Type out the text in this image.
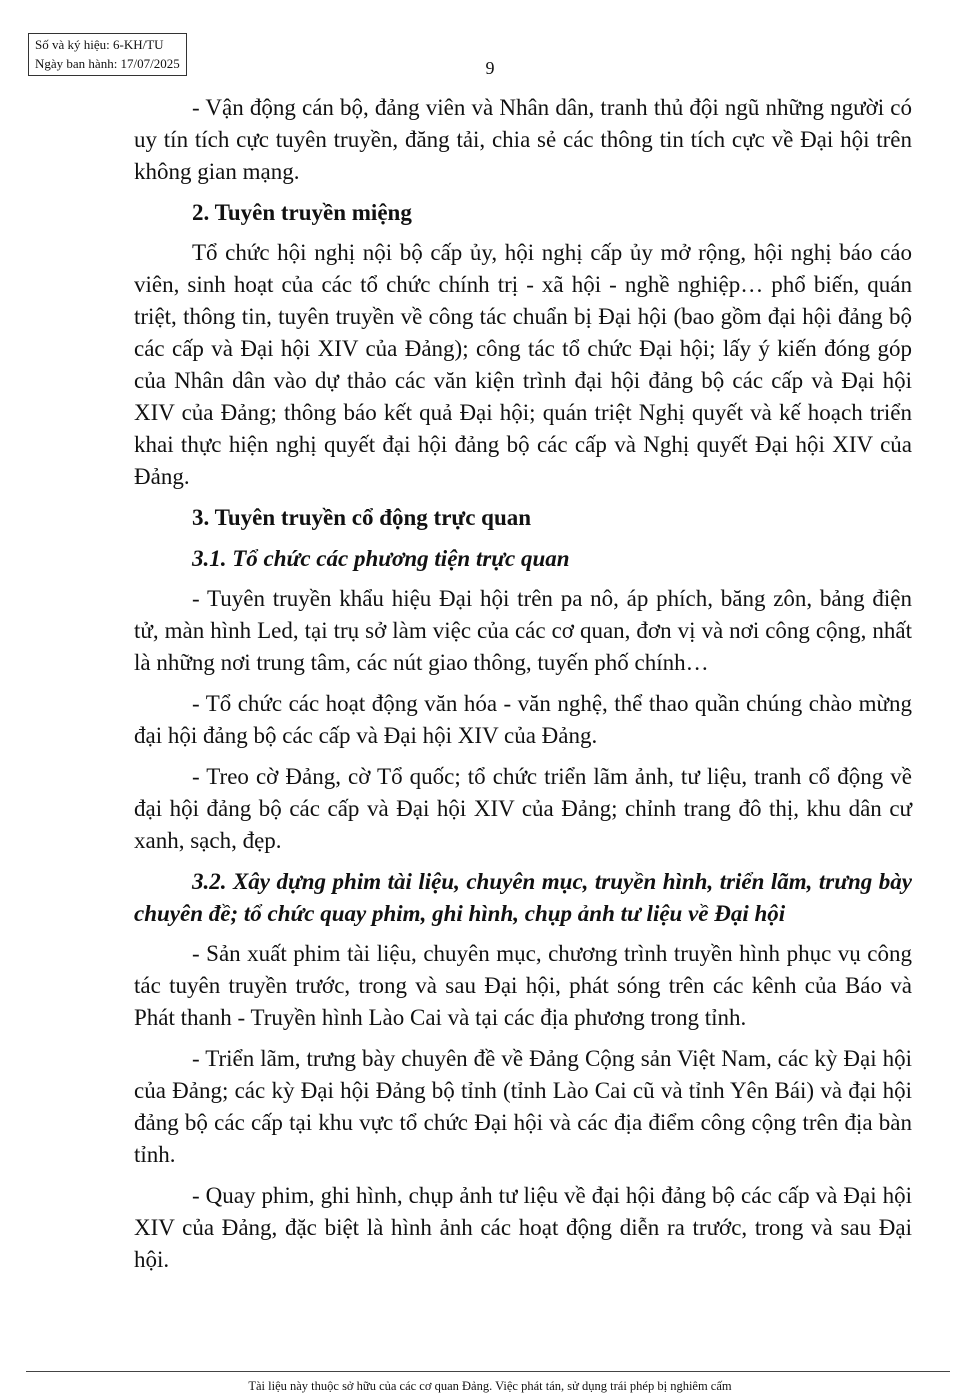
Số và ký hiệu: 6-KH/TU
Ngày ban hành: 17/07/2025	9

- Vận động cán bộ, đảng viên và Nhân dân, tranh thủ đội ngũ những người có uy tín tích cực tuyên truyền, đăng tải, chia sẻ các thông tin tích cực về Đại hội trên không gian mạng.

2. Tuyên truyền miệng

Tổ chức hội nghị nội bộ cấp ủy, hội nghị cấp ủy mở rộng, hội nghị báo cáo viên, sinh hoạt của các tổ chức chính trị - xã hội - nghề nghiệp… phổ biến, quán triệt, thông tin, tuyên truyền về công tác chuẩn bị Đại hội (bao gồm đại hội đảng bộ các cấp và Đại hội XIV của Đảng); công tác tổ chức Đại hội; lấy ý kiến đóng góp của Nhân dân vào dự thảo các văn kiện trình đại hội đảng bộ các cấp và Đại hội XIV của Đảng; thông báo kết quả Đại hội; quán triệt Nghị quyết và kế hoạch triển khai thực hiện nghị quyết đại hội đảng bộ các cấp và Nghị quyết Đại hội XIV của Đảng.

3. Tuyên truyền cổ động trực quan

3.1. Tổ chức các phương tiện trực quan

- Tuyên truyền khẩu hiệu Đại hội trên pa nô, áp phích, băng zôn, bảng điện tử, màn hình Led, tại trụ sở làm việc của các cơ quan, đơn vị và nơi công cộng, nhất là những nơi trung tâm, các nút giao thông, tuyến phố chính…

- Tổ chức các hoạt động văn hóa - văn nghệ, thể thao quần chúng chào mừng đại hội đảng bộ các cấp và Đại hội XIV của Đảng.

- Treo cờ Đảng, cờ Tổ quốc; tổ chức triển lãm ảnh, tư liệu, tranh cổ động về đại hội đảng bộ các cấp và Đại hội XIV của Đảng; chỉnh trang đô thị, khu dân cư xanh, sạch, đẹp.

3.2. Xây dựng phim tài liệu, chuyên mục, truyền hình, triển lãm, trưng bày chuyên đề; tổ chức quay phim, ghi hình, chụp ảnh tư liệu về Đại hội

- Sản xuất phim tài liệu, chuyên mục, chương trình truyền hình phục vụ công tác tuyên truyền trước, trong và sau Đại hội, phát sóng trên các kênh của Báo và Phát thanh - Truyền hình Lào Cai và tại các địa phương trong tỉnh.

- Triển lãm, trưng bày chuyên đề về Đảng Cộng sản Việt Nam, các kỳ Đại hội của Đảng; các kỳ Đại hội Đảng bộ tỉnh (tỉnh Lào Cai cũ và tỉnh Yên Bái) và đại hội đảng bộ các cấp tại khu vực tổ chức Đại hội và các địa điểm công cộng trên địa bàn tỉnh.

- Quay phim, ghi hình, chụp ảnh tư liệu về đại hội đảng bộ các cấp và Đại hội XIV của Đảng, đặc biệt là hình ảnh các hoạt động diễn ra trước, trong và sau Đại hội.

Tài liệu này thuộc sở hữu của các cơ quan Đảng. Việc phát tán, sử dụng trái phép bị nghiêm cấm
